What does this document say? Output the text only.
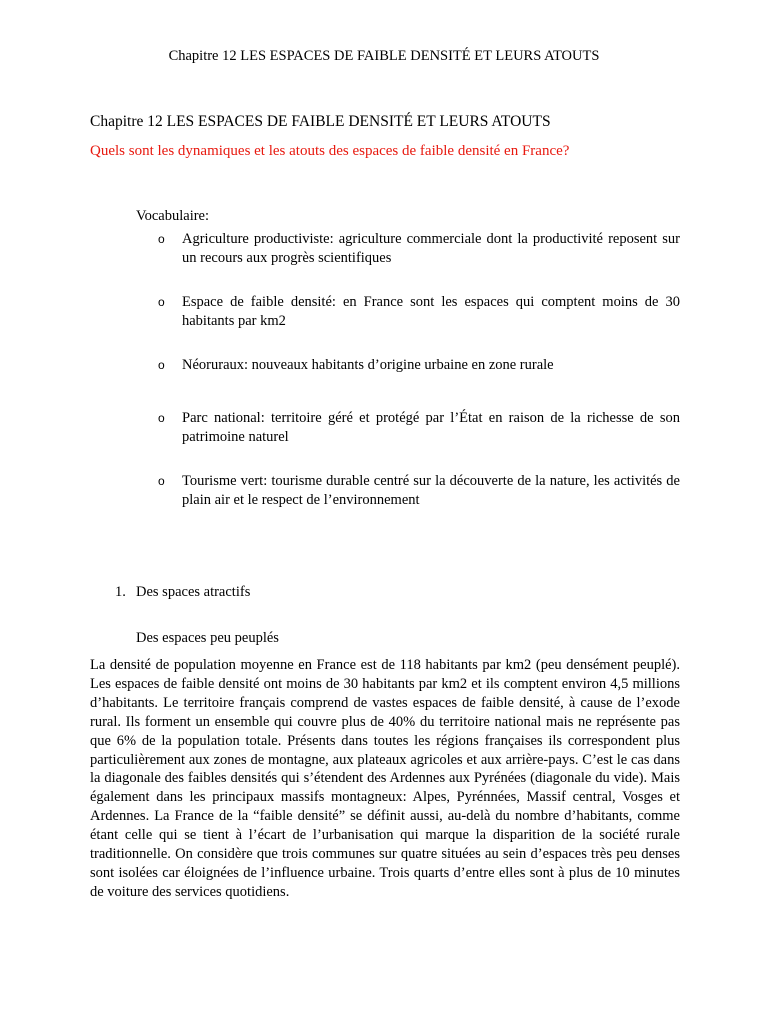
Chapitre 12 LES ESPACES DE FAIBLE DENSITÉ ET LEURS ATOUTS
Chapitre 12 LES ESPACES DE FAIBLE DENSITÉ ET LEURS ATOUTS

Quels sont les dynamiques et les atouts des espaces de faible densité en France?

Vocabulaire:

o Agriculture productiviste: agriculture commerciale dont la productivité reposent sur un recours aux progrès scientifiques
o Espace de faible densité: en France sont les espaces qui comptent moins de 30 habitants par km2
o Néoruraux: nouveaux habitants d’origine urbaine en zone rurale
o Parc national: territoire géré et protégé par l’État en raison de la richesse de son patrimoine naturel
o Tourisme vert: tourisme durable centré sur la découverte de la nature, les activités de plain air et le respect de l’environnement
1. Des spaces atractifs
Des espaces peu peuplés

La densité de population moyenne en France est de 118 habitants par km2 (peu densément peuplé). Les espaces de faible densité ont moins de 30 habitants par km2 et ils comptent environ 4,5 millions d’habitants. Le territoire français comprend de vastes espaces de faible densité, à cause de l’exode rural. Ils forment un ensemble qui couvre plus de 40% du territoire national mais ne représente pas que 6% de la population totale. Présents dans toutes les régions françaises ils correspondent plus particulièrement aux zones de montagne, aux plateaux agricoles et aux arrière-pays. C’est le cas dans la diagonale des faibles densités qui s’étendent des Ardennes aux Pyrénées (diagonale du vide). Mais également dans les principaux massifs montagneux: Alpes, Pyrénnées, Massif central, Vosges et Ardennes. La France de la “faible densité” se définit aussi, au-delà du nombre d’habitants, comme étant celle qui se tient à l’écart de l’urbanisation qui marque la disparition de la société rurale traditionnelle. On considère que trois communes sur quatre situées au sein d’espaces très peu denses sont isolées car éloignées de l’influence urbaine. Trois quarts d’entre elles sont à plus de 10 minutes de voiture des services quotidiens.
